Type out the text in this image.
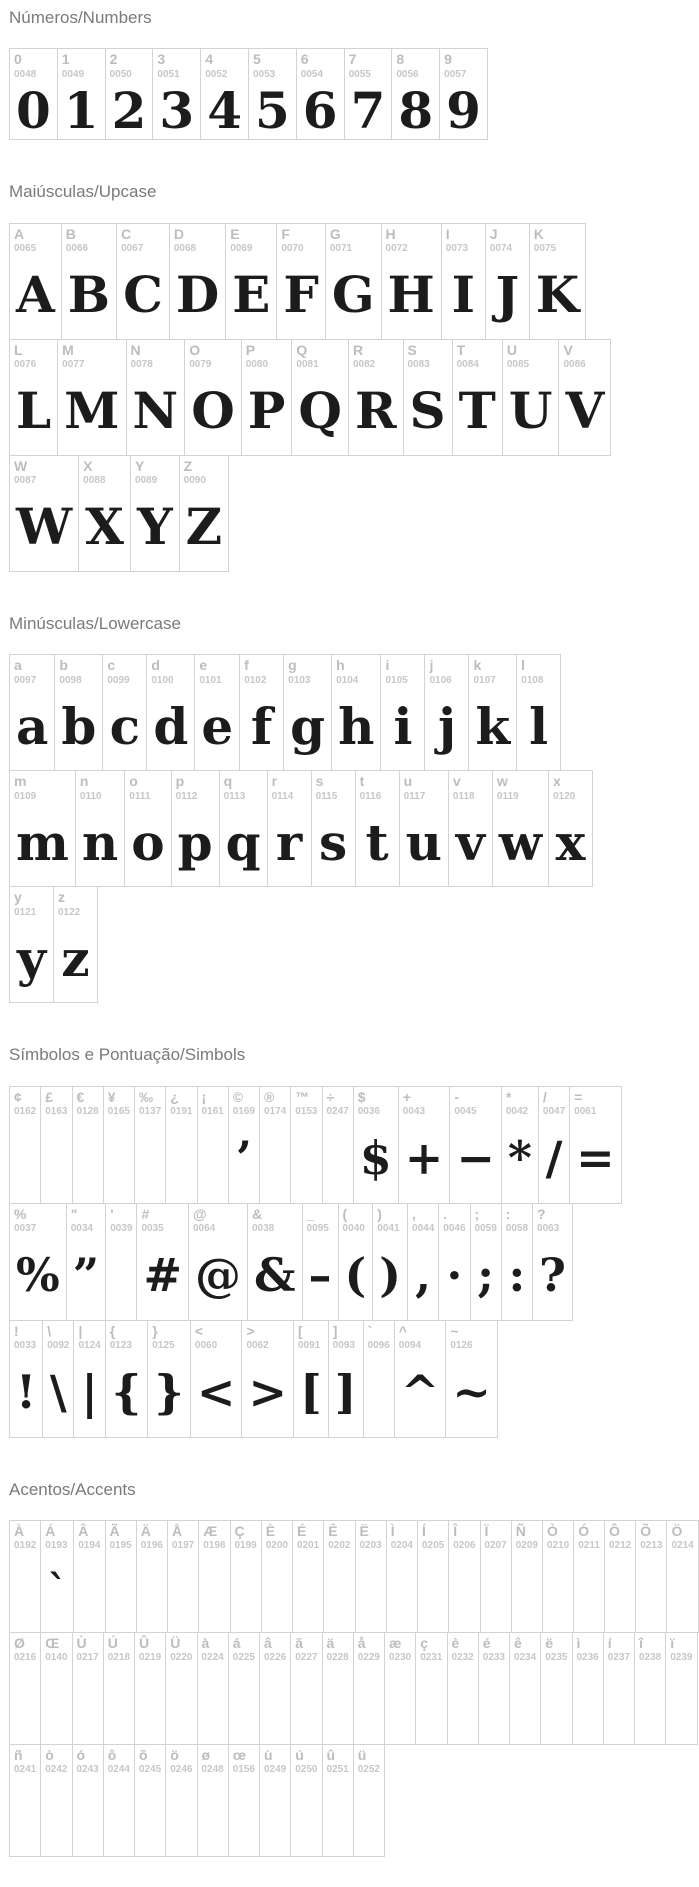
Números/Numbers
0
0048
0
1
0049
1
2
0050
2
3
0051
3
4
0052
4
5
0053
5
6
0054
6
7
0055
7
8
0056
8
9
0057
9
Maiúsculas/Upcase
A
0065
A
B
0066
B
C
0067
C
D
0068
D
E
0069
E
F
0070
F
G
0071
G
H
0072
H
I
0073
I
J
0074
J
K
0075
K
L
0076
L
M
0077
M
N
0078
N
O
0079
O
P
0080
P
Q
0081
Q
R
0082
R
S
0083
S
T
0084
T
U
0085
U
V
0086
V
W
0087
W
X
0088
X
Y
0089
Y
Z
0090
Z
Minúsculas/Lowercase
a
0097
a
b
0098
b
c
0099
c
d
0100
d
e
0101
e
f
0102
f
g
0103
g
h
0104
h
i
0105
i
j
0106
j
k
0107
k
l
0108
l
m
0109
m
n
0110
n
o
0111
o
p
0112
p
q
0113
q
r
0114
r
s
0115
s
t
0116
t
u
0117
u
v
0118
v
w
0119
w
x
0120
x
y
0121
y
z
0122
z
Símbolos e Pontuação/Simbols
¢
0162
£
0163
€
0128
¥
0165
‰
0137
¿
0191
¡
0161
©
0169
’
®
0174
™
0153
÷
0247
$
0036
$
+
0043
+
-
0045
−
*
0042
*
/
0047
/
=
0061
=
%
0037
%
"
0034
”
'
0039
#
0035
#
@
0064
@
&
0038
&
_
0095
–
(
0040
(
)
0041
)
,
0044
,
.
0046
·
;
0059
;
:
0058
:
?
0063
?
!
0033
!
\
0092
\
|
0124
|
{
0123
{
}
0125
}
<
0060
<
>
0062
>
[
0091
[
]
0093
]
`
0096
^
0094
^
~
0126
~
Acentos/Accents
À
0192
Á
0193
`
Â
0194
Ã
0195
Ä
0196
Å
0197
Æ
0198
Ç
0199
È
0200
É
0201
Ê
0202
Ë
0203
Ì
0204
Í
0205
Î
0206
Ï
0207
Ñ
0209
Ò
0210
Ó
0211
Ô
0212
Õ
0213
Ö
0214
Ø
0216
Œ
0140
Ù
0217
Ú
0218
Û
0219
Ü
0220
à
0224
á
0225
â
0226
ã
0227
ä
0228
å
0229
æ
0230
ç
0231
è
0232
é
0233
ê
0234
ë
0235
ì
0236
í
0237
î
0238
ï
0239
ñ
0241
ò
0242
ó
0243
ô
0244
õ
0245
ö
0246
ø
0248
œ
0156
ù
0249
ú
0250
û
0251
ü
0252
